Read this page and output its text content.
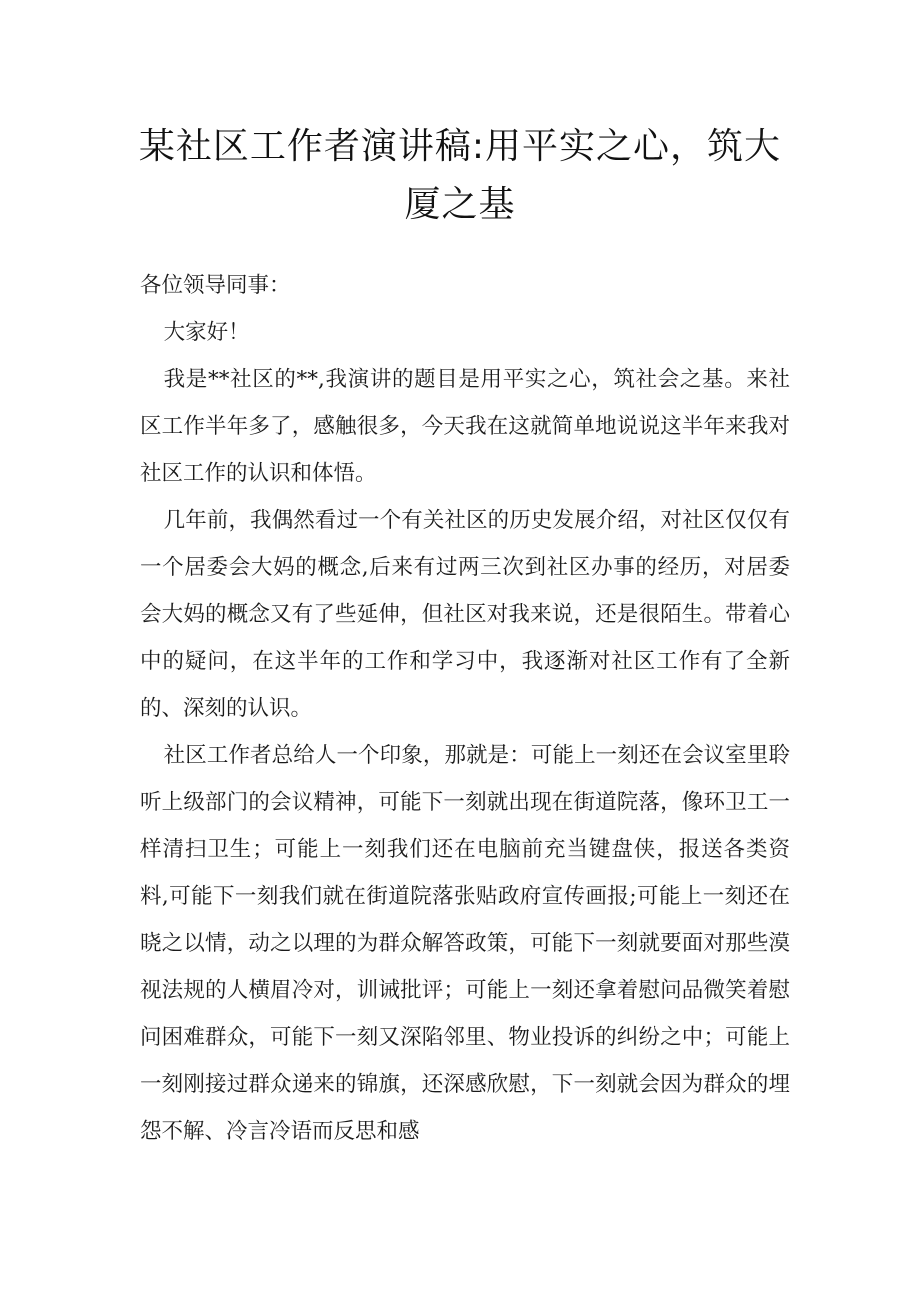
某社区工作者演讲稿:用平实之心，筑大
厦之基

各位领导同事：

大家好！

我是**社区的**,我演讲的题目是用平实之心，筑社会之基。来社区工作半年多了，感触很多，今天我在这就简单地说说这半年来我对社区工作的认识和体悟。

几年前，我偶然看过一个有关社区的历史发展介绍，对社区仅仅有一个居委会大妈的概念,后来有过两三次到社区办事的经历，对居委会大妈的概念又有了些延伸，但社区对我来说，还是很陌生。带着心中的疑问，在这半年的工作和学习中，我逐渐对社区工作有了全新的、深刻的认识。

社区工作者总给人一个印象，那就是：可能上一刻还在会议室里聆听上级部门的会议精神，可能下一刻就出现在街道院落，像环卫工一样清扫卫生；可能上一刻我们还在电脑前充当键盘侠，报送各类资料,可能下一刻我们就在街道院落张贴政府宣传画报;可能上一刻还在晓之以情，动之以理的为群众解答政策，可能下一刻就要面对那些漠视法规的人横眉冷对，训诫批评；可能上一刻还拿着慰问品微笑着慰问困难群众，可能下一刻又深陷邻里、物业投诉的纠纷之中；可能上一刻刚接过群众递来的锦旗，还深感欣慰，下一刻就会因为群众的埋怨不解、冷言冷语而反思和感
